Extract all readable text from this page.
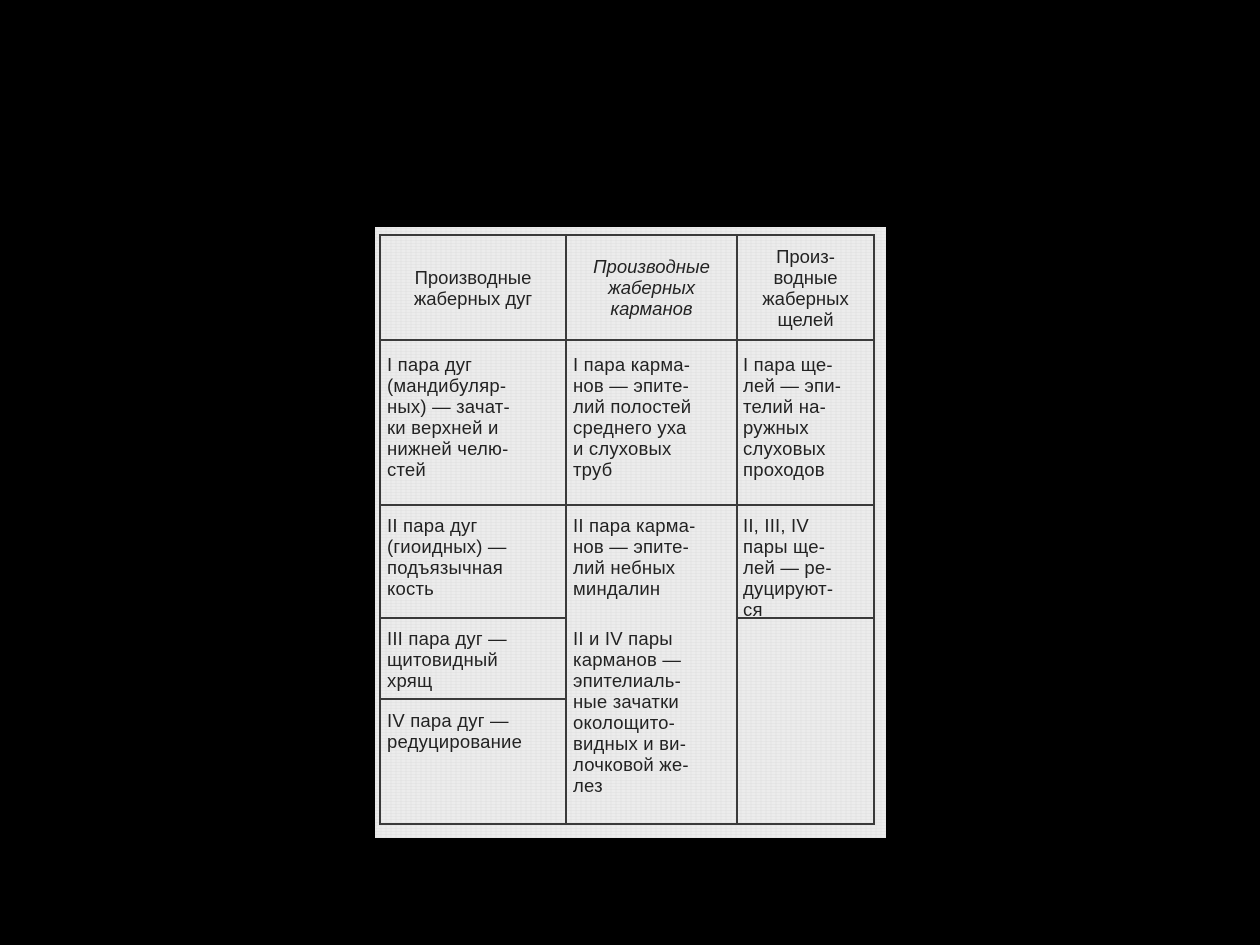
Производные
жаберных дуг
Производные
жаберных
карманов
Произ-
водные
жаберных
щелей
I пара дуг
(мандибуляр-
ных) — зачат-
ки верхней и
нижней челю-
стей
II пара дуг
(гиоидных) —
подъязычная
кость
III пара дуг —
щитовидный
хрящ
IV пара дуг —
редуцирование
I пара карма-
нов — эпите-
лий полостей
среднего уха
и слуховых
труб
II пара карма-
нов — эпите-
лий небных
миндалин
II и IV пары
карманов —
эпителиаль-
ные зачатки
околощито-
видных и ви-
лочковой же-
лез
I пара ще-
лей — эпи-
телий на-
ружных
слуховых
проходов
II, III, IV
пары ще-
лей — ре-
дуцируют-
ся
